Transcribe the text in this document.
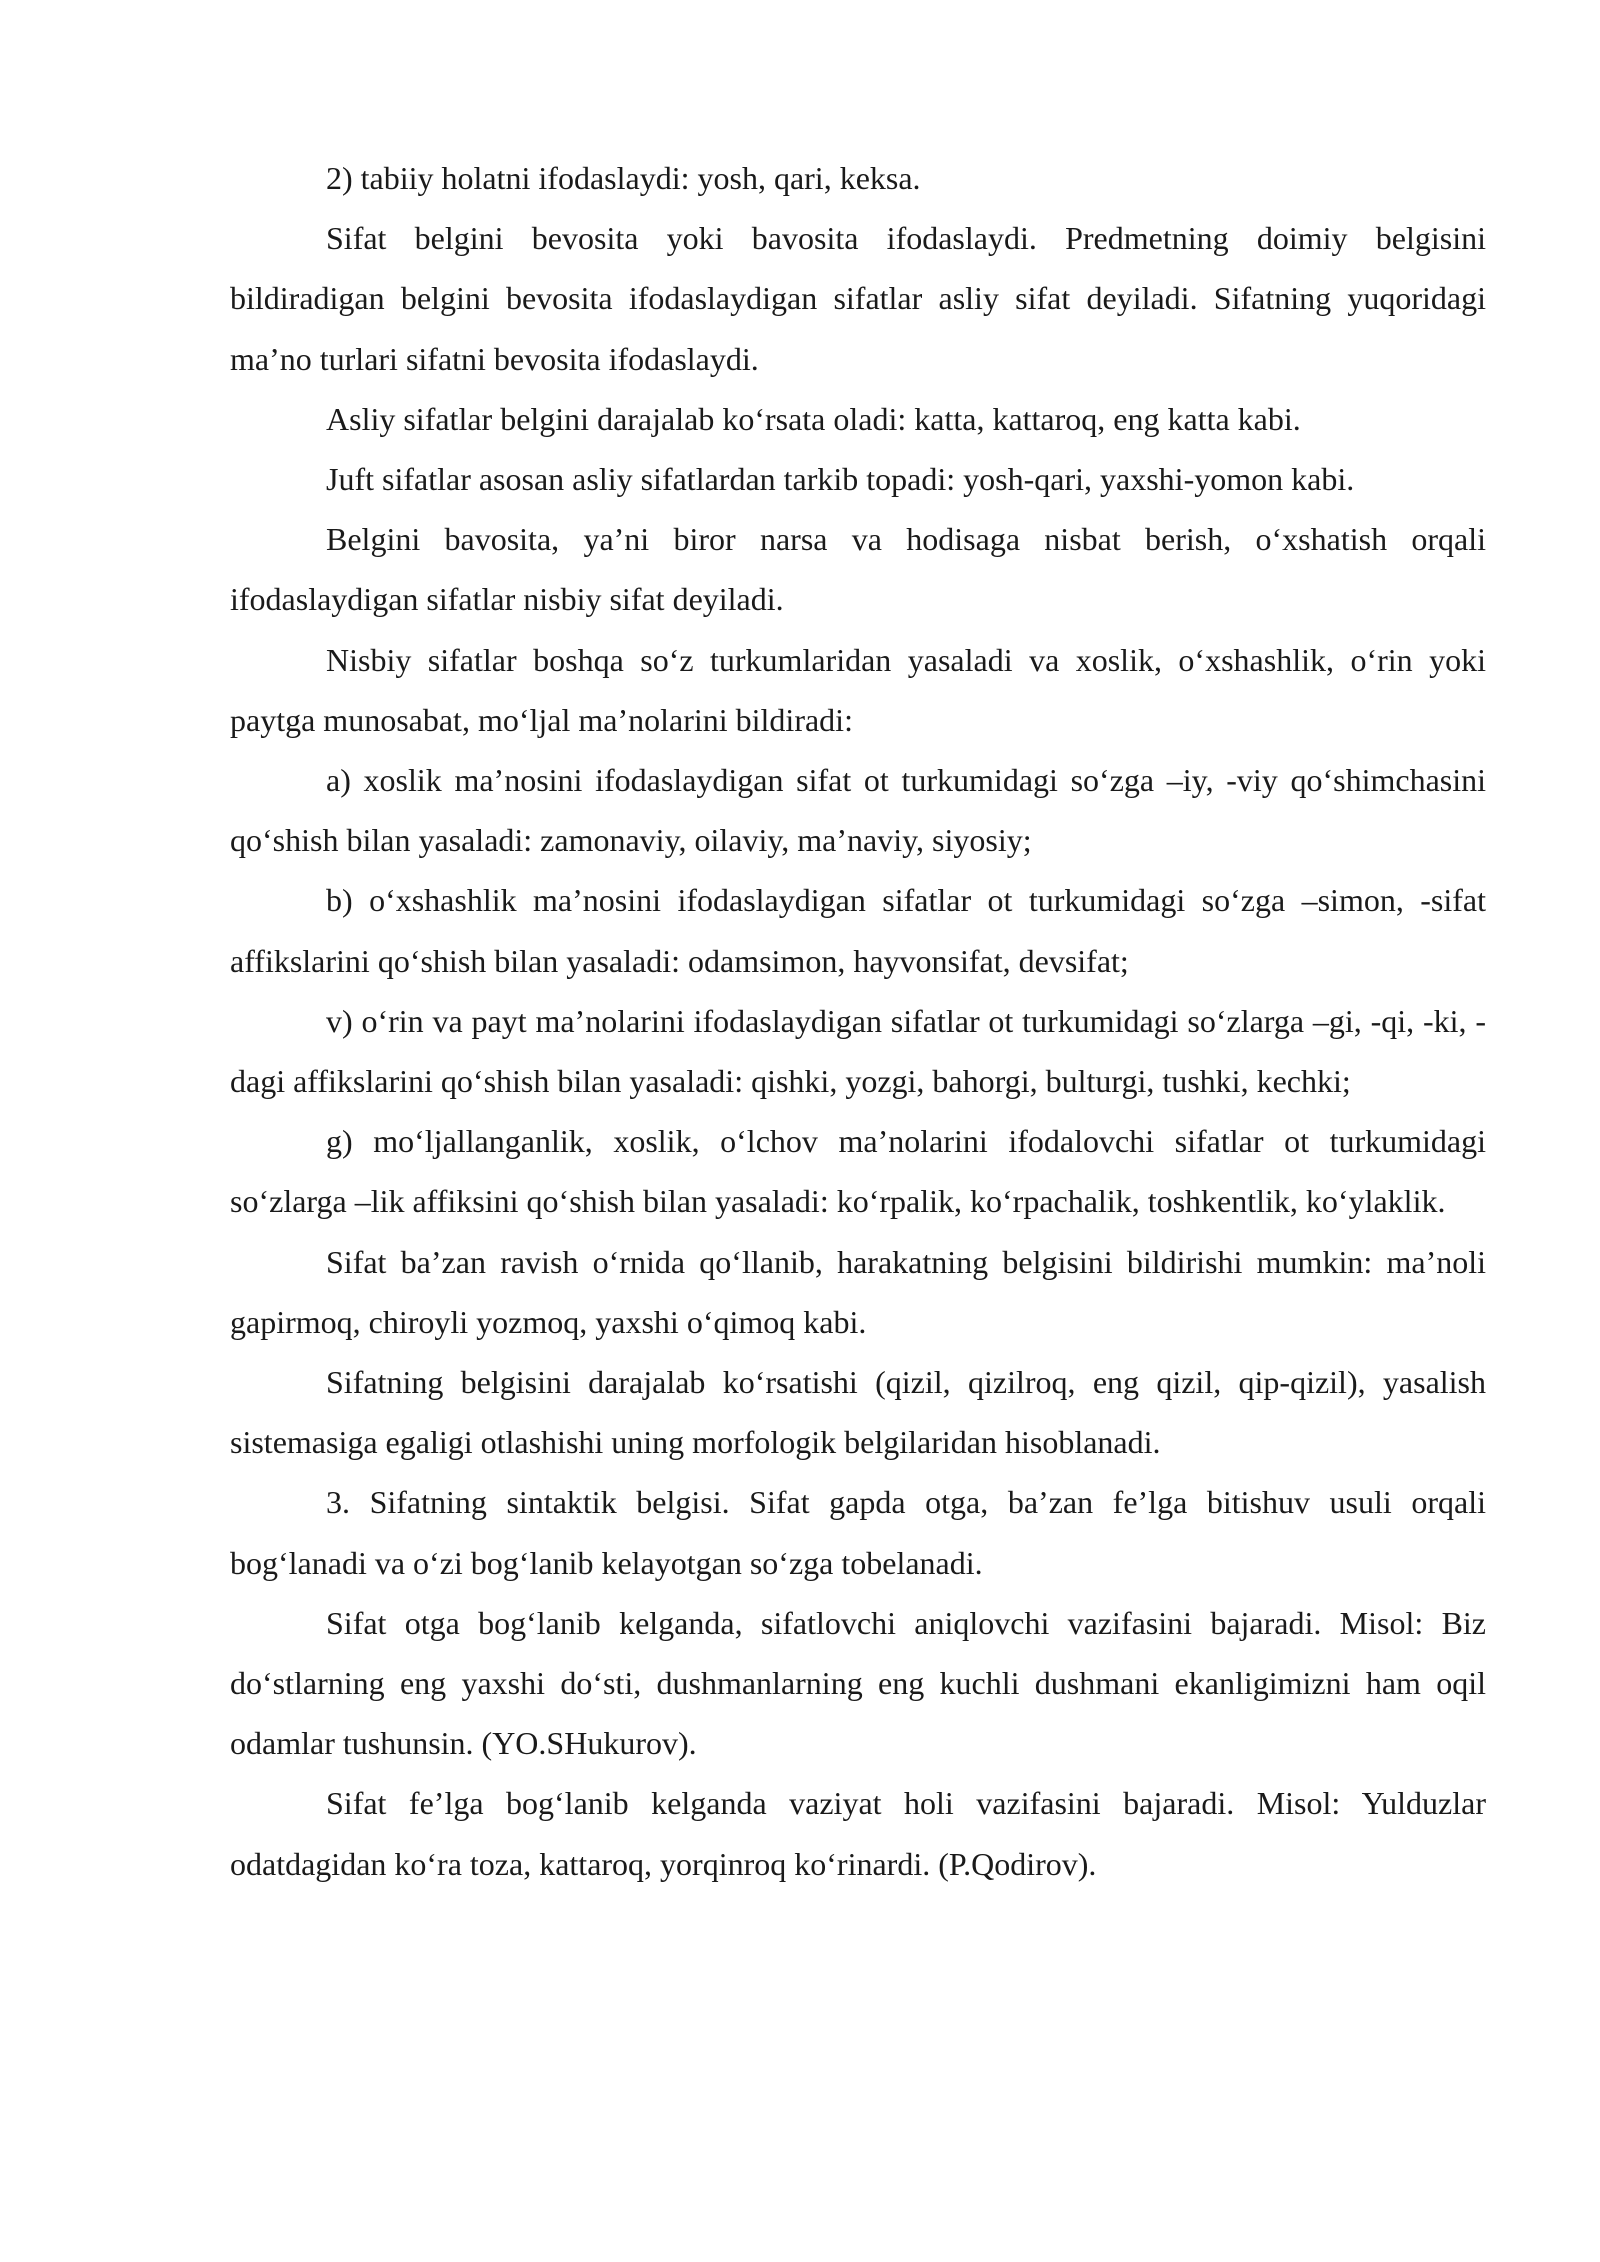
2) tabiiy holatni ifodaslaydi: yosh, qari, keksa.

Sifat belgini bevosita yoki bavosita ifodaslaydi. Predmetning doimiy belgisini bildiradigan belgini bevosita ifodaslaydigan sifatlar asliy sifat deyiladi. Sifatning yuqoridagi ma’no turlari sifatni bevosita ifodaslaydi.

Asliy sifatlar belgini darajalab ko‘rsata oladi: katta, kattaroq, eng katta kabi.

Juft sifatlar asosan asliy sifatlardan tarkib topadi: yosh-qari, yaxshi-yomon kabi.

Belgini bavosita, ya’ni biror narsa va hodisaga nisbat berish, o‘xshatish orqali ifodaslaydigan sifatlar nisbiy sifat deyiladi.

Nisbiy sifatlar boshqa so‘z turkumlaridan yasaladi va xoslik, o‘xshashlik, o‘rin yoki paytga munosabat, mo‘ljal ma’nolarini bildiradi:

a) xoslik ma’nosini ifodaslaydigan sifat ot turkumidagi so‘zga –iy, -viy qo‘shimchasini qo‘shish bilan yasaladi: zamonaviy, oilaviy, ma’naviy, siyosiy;

b) o‘xshashlik ma’nosini ifodaslaydigan sifatlar ot turkumidagi so‘zga –simon, -sifat affikslarini qo‘shish bilan yasaladi: odamsimon, hayvonsifat, devsifat;

v) o‘rin va payt ma’nolarini ifodaslaydigan sifatlar ot turkumidagi so‘zlarga –gi, -qi, -ki, -dagi affikslarini qo‘shish bilan yasaladi: qishki, yozgi, bahorgi, bulturgi, tushki, kechki;

g) mo‘ljallanganlik, xoslik, o‘lchov ma’nolarini ifodalovchi sifatlar ot turkumidagi so‘zlarga –lik affiksini qo‘shish bilan yasaladi: ko‘rpalik, ko‘rpachalik, toshkentlik, ko‘ylaklik.

Sifat ba’zan ravish o‘rnida qo‘llanib, harakatning belgisini bildirishi mumkin: ma’noli gapirmoq, chiroyli yozmoq, yaxshi o‘qimoq kabi.

Sifatning belgisini darajalab ko‘rsatishi (qizil, qizilroq, eng qizil, qip-qizil), yasalish sistemasiga egaligi otlashishi uning morfologik belgilaridan hisoblanadi.

3. Sifatning sintaktik belgisi. Sifat gapda otga, ba’zan fe’lga bitishuv usuli orqali bog‘lanadi va o‘zi bog‘lanib kelayotgan so‘zga tobelanadi.

Sifat otga bog‘lanib kelganda, sifatlovchi aniqlovchi vazifasini bajaradi. Misol: Biz do‘stlarning eng yaxshi do‘sti, dushmanlarning eng kuchli dushmani ekanligimizni ham oqil odamlar tushunsin. (YO.SHukurov).

Sifat fe’lga bog‘lanib kelganda vaziyat holi vazifasini bajaradi. Misol: Yulduzlar odatdagidan ko‘ra toza, kattaroq, yorqinroq ko‘rinardi. (P.Qodirov).
